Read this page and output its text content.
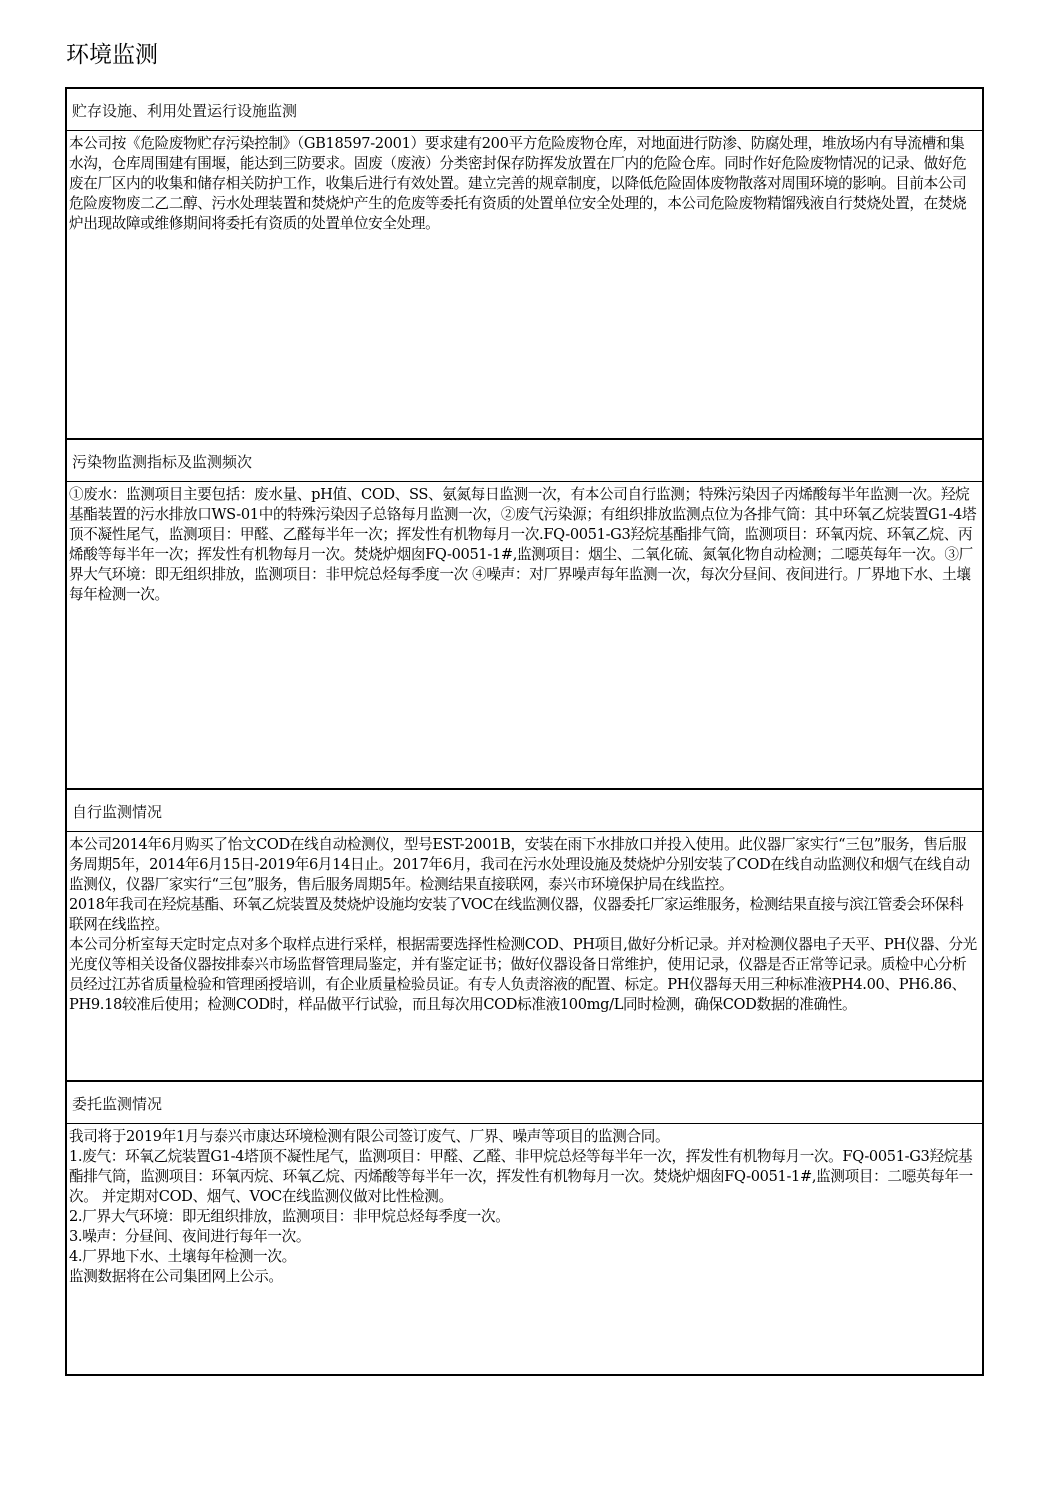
环境监测
贮存设施、利用处置运行设施监测

本公司按《危险废物贮存污染控制》（GB18597-2001）要求建有200平方危险废物仓库，对地面进行防渗、防腐处理，堆放场内有导流槽和集水沟，仓库周围建有围堰，能达到三防要求。固废（废液）分类密封保存防挥发放置在厂内的危险仓库。同时作好危险废物情况的记录、做好危废在厂区内的收集和储存相关防护工作，收集后进行有效处置。建立完善的规章制度，以降低危险固体废物散落对周围环境的影响。目前本公司危险废物废二乙二醇、污水处理装置和焚烧炉产生的危废等委托有资质的处置单位安全处理的，本公司危险废物精馏残液自行焚烧处置，在焚烧炉出现故障或维修期间将委托有资质的处置单位安全处理。

污染物监测指标及监测频次

①废水：监测项目主要包括：废水量、pH值、COD、SS、氨氮每日监测一次，有本公司自行监测；特殊污染因子丙烯酸每半年监测一次。羟烷基酯装置的污水排放口WS-01中的特殊污染因子总铬每月监测一次，②废气污染源；有组织排放监测点位为各排气筒：其中环氧乙烷装置G1-4塔顶不凝性尾气，监测项目：甲醛、乙醛每半年一次；挥发性有机物每月一次.FQ-0051-G3羟烷基酯排气筒，监测项目：环氧丙烷、环氧乙烷、丙烯酸等每半年一次；挥发性有机物每月一次。焚烧炉烟囱FQ-0051-1#,监测项目：烟尘、二氧化硫、氮氧化物自动检测；二噁英每年一次。③厂界大气环境：即无组织排放，监测项目：非甲烷总烃每季度一次 ④噪声：对厂界噪声每年监测一次，每次分昼间、夜间进行。厂界地下水、土壤每年检测一次。

自行监测情况

本公司2014年6月购买了怡文COD在线自动检测仪，型号EST-2001B，安装在雨下水排放口并投入使用。此仪器厂家实行“三包”服务，售后服务周期5年，2014年6月15日-2019年6月14日止。2017年6月，我司在污水处理设施及焚烧炉分别安装了COD在线自动监测仪和烟气在线自动监测仪，仪器厂家实行“三包”服务，售后服务周期5年。检测结果直接联网，泰兴市环境保护局在线监控。

2018年我司在羟烷基酯、环氧乙烷装置及焚烧炉设施均安装了VOC在线监测仪器，仪器委托厂家运维服务，检测结果直接与滨江管委会环保科联网在线监控。

本公司分析室每天定时定点对多个取样点进行采样，根据需要选择性检测COD、PH项目,做好分析记录。并对检测仪器电子天平、PH仪器、分光光度仪等相关设备仪器按排泰兴市场监督管理局鉴定，并有鉴定证书；做好仪器设备日常维护，使用记录，仪器是否正常等记录。质检中心分析员经过江苏省质量检验和管理函授培训，有企业质量检验员证。有专人负责溶液的配置、标定。PH仪器每天用三种标准液PH4.00、PH6.86、PH9.18较准后使用；检测COD时，样品做平行试验，而且每次用COD标准液100mg/L同时检测，确保COD数据的准确性。

委托监测情况

我司将于2019年1月与泰兴市康达环境检测有限公司签订废气、厂界、噪声等项目的监测合同。

1.废气：环氧乙烷装置G1-4塔顶不凝性尾气，监测项目：甲醛、乙醛、非甲烷总烃等每半年一次，挥发性有机物每月一次。FQ-0051-G3羟烷基酯排气筒，监测项目：环氧丙烷、环氧乙烷、丙烯酸等每半年一次，挥发性有机物每月一次。焚烧炉烟囱FQ-0051-1#,监测项目：二噁英每年一次。 并定期对COD、烟气、VOC在线监测仪做对比性检测。

2.厂界大气环境：即无组织排放，监测项目：非甲烷总烃每季度一次。

3.噪声：分昼间、夜间进行每年一次。

4.厂界地下水、土壤每年检测一次。

监测数据将在公司集团网上公示。
